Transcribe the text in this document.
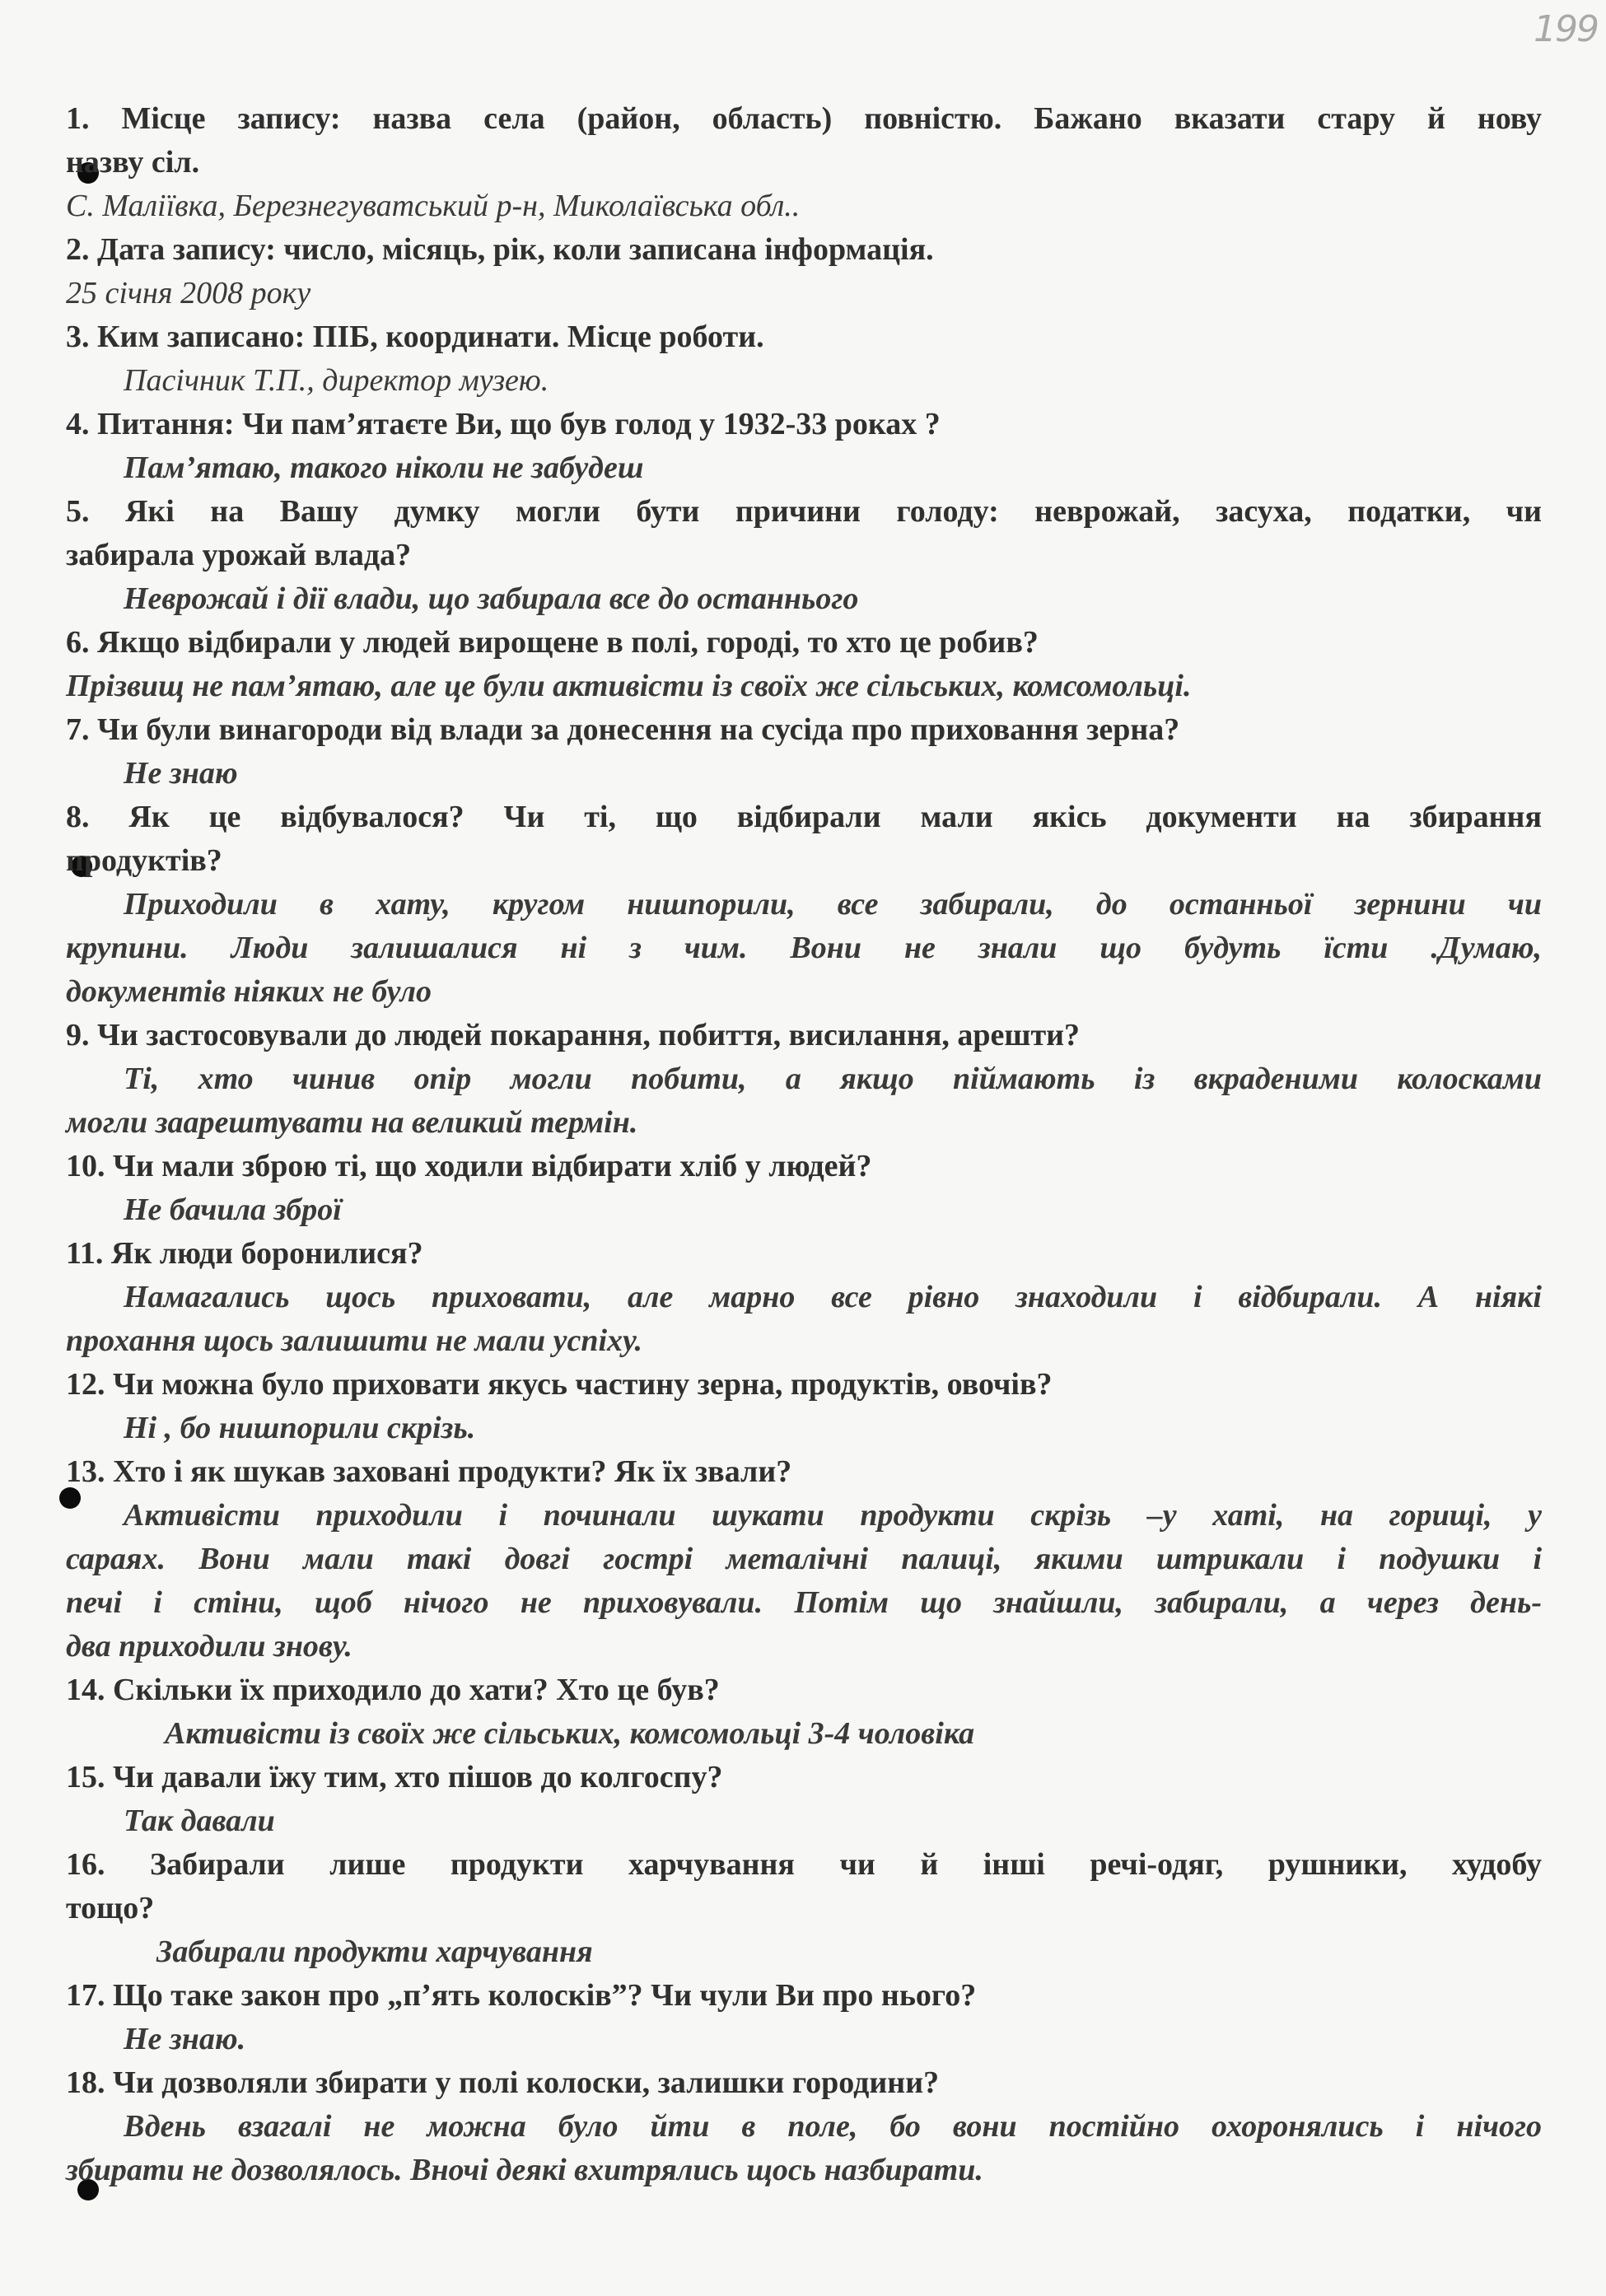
199
1. Місце запису: назва села (район, область) повністю. Бажано вказати стару й нову
назву сіл.
С. Маліївка, Березнегуватський р-н, Миколаївська обл..
2. Дата запису: число, місяць, рік, коли записана інформація.
25 січня 2008 року
3. Ким записано: ПІБ, координати. Місце роботи.
Пасічник Т.П., директор музею.
4. Питання: Чи пам’ятаєте Ви, що був голод у 1932-33 роках ?
Пам’ятаю, такого ніколи не забудеш
5. Які на Вашу думку могли бути причини голоду: неврожай, засуха, податки, чи
забирала урожай влада?
Неврожай і дії влади, що забирала все до останнього
6. Якщо відбирали у людей вирощене в полі, городі, то хто це робив?
Прізвищ не пам’ятаю, але це були активісти із своїх же сільських, комсомольці.
7. Чи були винагороди від влади за донесення на сусіда про приховання зерна?
Не знаю
8. Як це відбувалося? Чи ті, що відбирали мали якісь документи на збирання
продуктів?
Приходили в хату, кругом нишпорили, все забирали, до останньої зернини чи
крупини. Люди залишалися ні з чим. Вони не знали що будуть їсти .Думаю,
документів ніяких не було
9. Чи застосовували до людей покарання, побиття, висилання, арешти?
Ті, хто чинив опір могли побити, а якщо піймають із вкраденими колосками
могли заарештувати на великий термін.
10. Чи мали зброю ті, що ходили відбирати хліб у людей?
Не бачила зброї
11. Як люди боронилися?
Намагались щось приховати, але марно все рівно знаходили і відбирали. А ніякі
прохання щось залишити не мали успіху.
12. Чи можна було приховати якусь частину зерна, продуктів, овочів?
Ні , бо нишпорили скрізь.
13. Хто і як шукав заховані продукти? Як їх звали?
Активісти приходили і починали шукати продукти скрізь –у хаті, на горищі, у
сараях. Вони мали такі довгі гострі металічні палиці, якими штрикали і подушки і
печі і стіни, щоб нічого не приховували. Потім що знайшли, забирали, а через день-
два приходили знову.
14. Скільки їх приходило до хати? Хто це був?
Активісти із своїх же сільських, комсомольці 3-4 чоловіка
15. Чи давали їжу тим, хто пішов до колгоспу?
Так давали
16. Забирали лише продукти харчування чи й інші речі-одяг, рушники, худобу
тощо?
Забирали продукти харчування
17. Що таке закон про „п’ять колосків”? Чи чули Ви про нього?
Не знаю.
18. Чи дозволяли збирати у полі колоски, залишки городини?
Вдень взагалі не можна було йти в поле, бо вони постійно охоронялись і нічого
збирати не дозволялось. Вночі деякі вхитрялись щось назбирати.
